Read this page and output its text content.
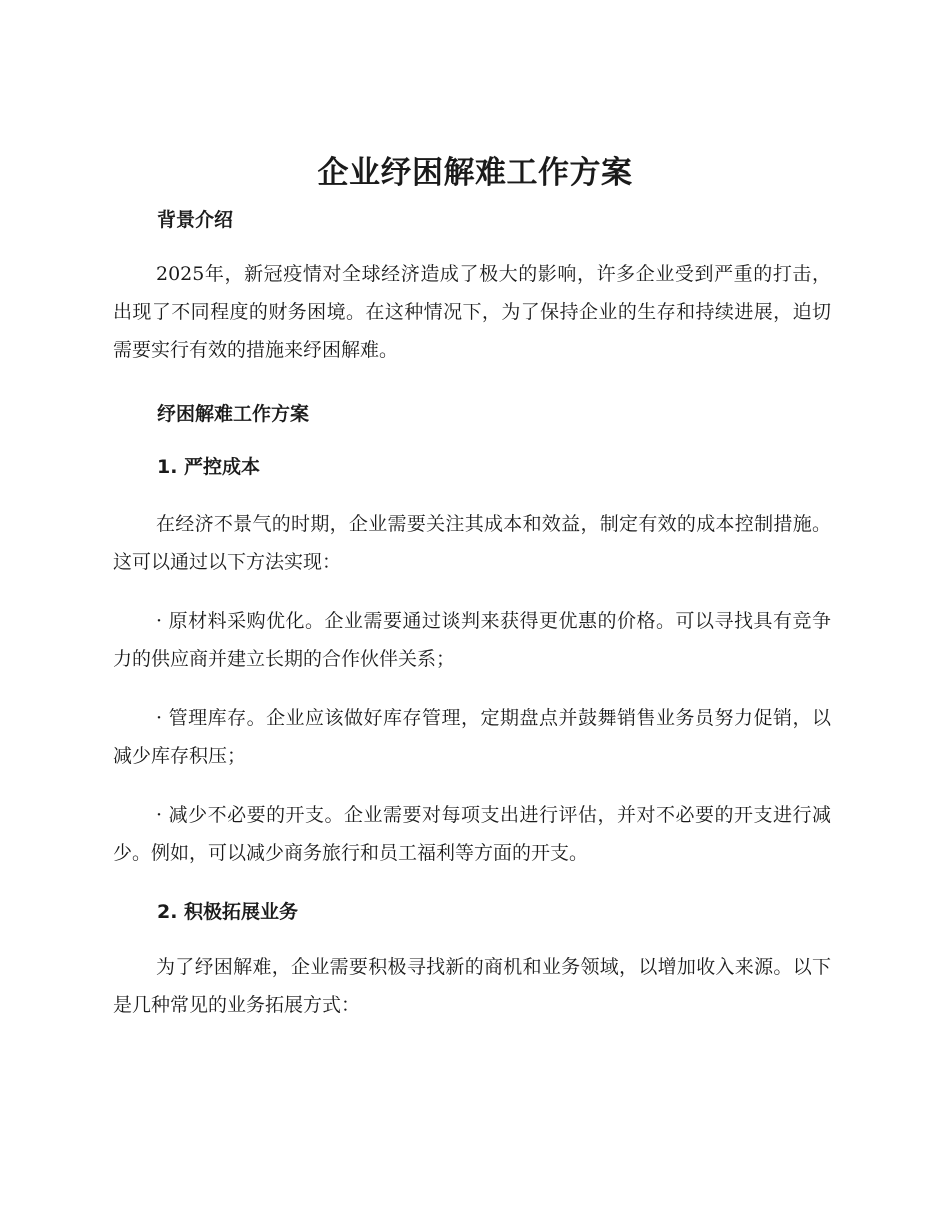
企业纾困解难工作方案
背景介绍

2025年，新冠疫情对全球经济造成了极大的影响，许多企业受到严重的打击，出现了不同程度的财务困境。在这种情况下，为了保持企业的生存和持续进展，迫切需要实行有效的措施来纾困解难。

纾困解难工作方案
1. 严控成本

在经济不景气的时期，企业需要关注其成本和效益，制定有效的成本控制措施。这可以通过以下方法实现：

· 原材料采购优化。企业需要通过谈判来获得更优惠的价格。可以寻找具有竞争力的供应商并建立长期的合作伙伴关系；

· 管理库存。企业应该做好库存管理，定期盘点并鼓舞销售业务员努力促销，以减少库存积压；

· 减少不必要的开支。企业需要对每项支出进行评估，并对不必要的开支进行减少。例如，可以减少商务旅行和员工福利等方面的开支。

2. 积极拓展业务

为了纾困解难，企业需要积极寻找新的商机和业务领域，以增加收入来源。以下是几种常见的业务拓展方式：
